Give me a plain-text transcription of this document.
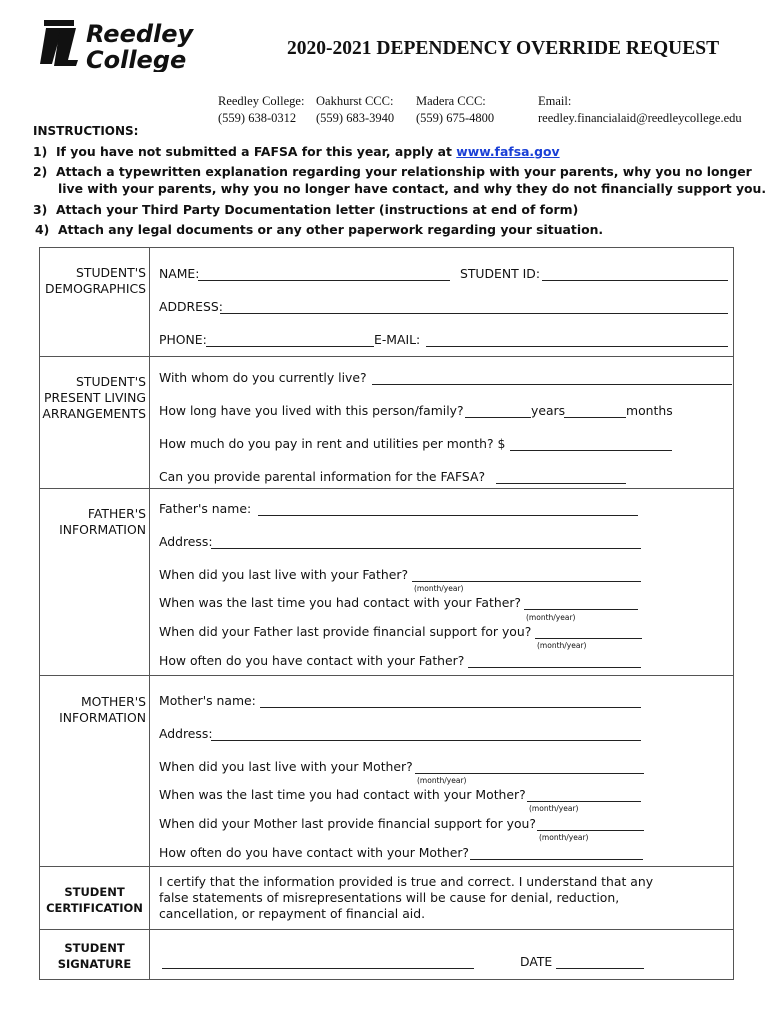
Reedley
College	2020-2021 DEPENDENCY OVERRIDE REQUEST
Reedley College:
(559) 638-0312
Oakhurst CCC:
(559) 683-3940
Madera CCC:
(559) 675-4800
Email:
reedley.financialaid@reedleycollege.edu
INSTRUCTIONS:
1) If you have not submitted a FAFSA for this year, apply at www.fafsa.gov
2) Attach a typewritten explanation regarding your relationship with your parents, why you no longer
live with your parents, why you no longer have contact, and why they do not financially support you.
3) Attach your Third Party Documentation letter (instructions at end of form)
4) Attach any legal documents or any other paperwork regarding your situation.
STUDENT'S
DEMOGRAPHICS
NAME:	STUDENT ID:
ADDRESS:
PHONE:	E-MAIL:
STUDENT'S
PRESENT LIVING
ARRANGEMENTS
With whom do you currently live?
How long have you lived with this person/family?	years	months
How much do you pay in rent and utilities per month? $
Can you provide parental information for the FAFSA?
FATHER'S
INFORMATION
Father's name:
Address:
When did you last live with your Father?
(month/year)
When was the last time you had contact with your Father?
(month/year)
When did your Father last provide financial support for you?
(month/year)
How often do you have contact with your Father?
MOTHER'S
INFORMATION
Mother's name:
Address:
When did you last live with your Mother?
(month/year)
When was the last time you had contact with your Mother?
(month/year)
When did your Mother last provide financial support for you?
(month/year)
How often do you have contact with your Mother?
STUDENT
CERTIFICATION
I certify that the information provided is true and correct. I understand that any
false statements of misrepresentations will be cause for denial, reduction,
cancellation, or repayment of financial aid.
STUDENT
SIGNATURE	DATE
